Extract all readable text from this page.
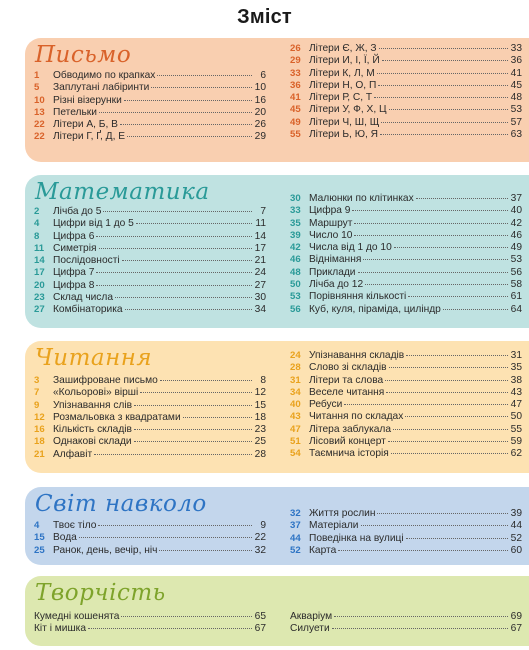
Зміст
Письмо
1	Обводимо по крапках	6
5	Заплутані лабіринти	10
10 Різні візерунки	16
13 Петельки	20
22 Літери А, Б, В	26
22 Літери Г, Ґ, Д, Е	29
26 Літери Є, Ж, З	33
29 Літери И, І, Ї, Й	36
33 Літери К, Л, М	41
36 Літери Н, О, П	45
41 Літери Р, С, Т	48
45 Літери У, Ф, Х, Ц	53
49 Літери Ч, Ш, Щ	57
55 Літери Ь, Ю, Я	63
Математика
2	Лічба до 5	7
4	Цифри від 1 до 5	11
8	Цифра 6	14
11 Симетрія	17
14 Послідовності	21
17 Цифра 7	24
20 Цифра 8	27
23 Склад числа	30
27 Комбінаторика	34
30 Малюнки по клітинках	37
33 Цифра 9	40
35 Маршрут	42
39 Число 10	46
42 Числа від 1 до 10	49
46 Віднімання	53
48 Приклади	56
50 Лічба до 12	58
53 Порівняння кількості	61
56 Куб, куля, піраміда, циліндр	64
Читання
3	Зашифроване письмо	8
7	«Кольорові» вірші	12
9	Упізнавання слів	15
12 Розмальовка з квадратами	18
16 Кількість складів	23
18 Однакові склади	25
21 Алфавіт	28
24 Упізнавання складів	31
28 Слово зі складів	35
31 Літери та слова	38
34 Веселе читання	43
40 Ребуси	47
43 Читання по складах	50
47 Літера заблукала	55
51 Лісовий концерт	59
54 Таємнича історія	62
Світ навколо
4	Твоє тіло	9
15 Вода	22
25 Ранок, день, вечір, ніч	32
32 Життя рослин	39
37 Матеріали	44
44 Поведінка на вулиці	52
52 Карта	60
Творчість
Кумедні кошенята	65
Кіт і мишка	67
Акваріум	69
Силуети	67
